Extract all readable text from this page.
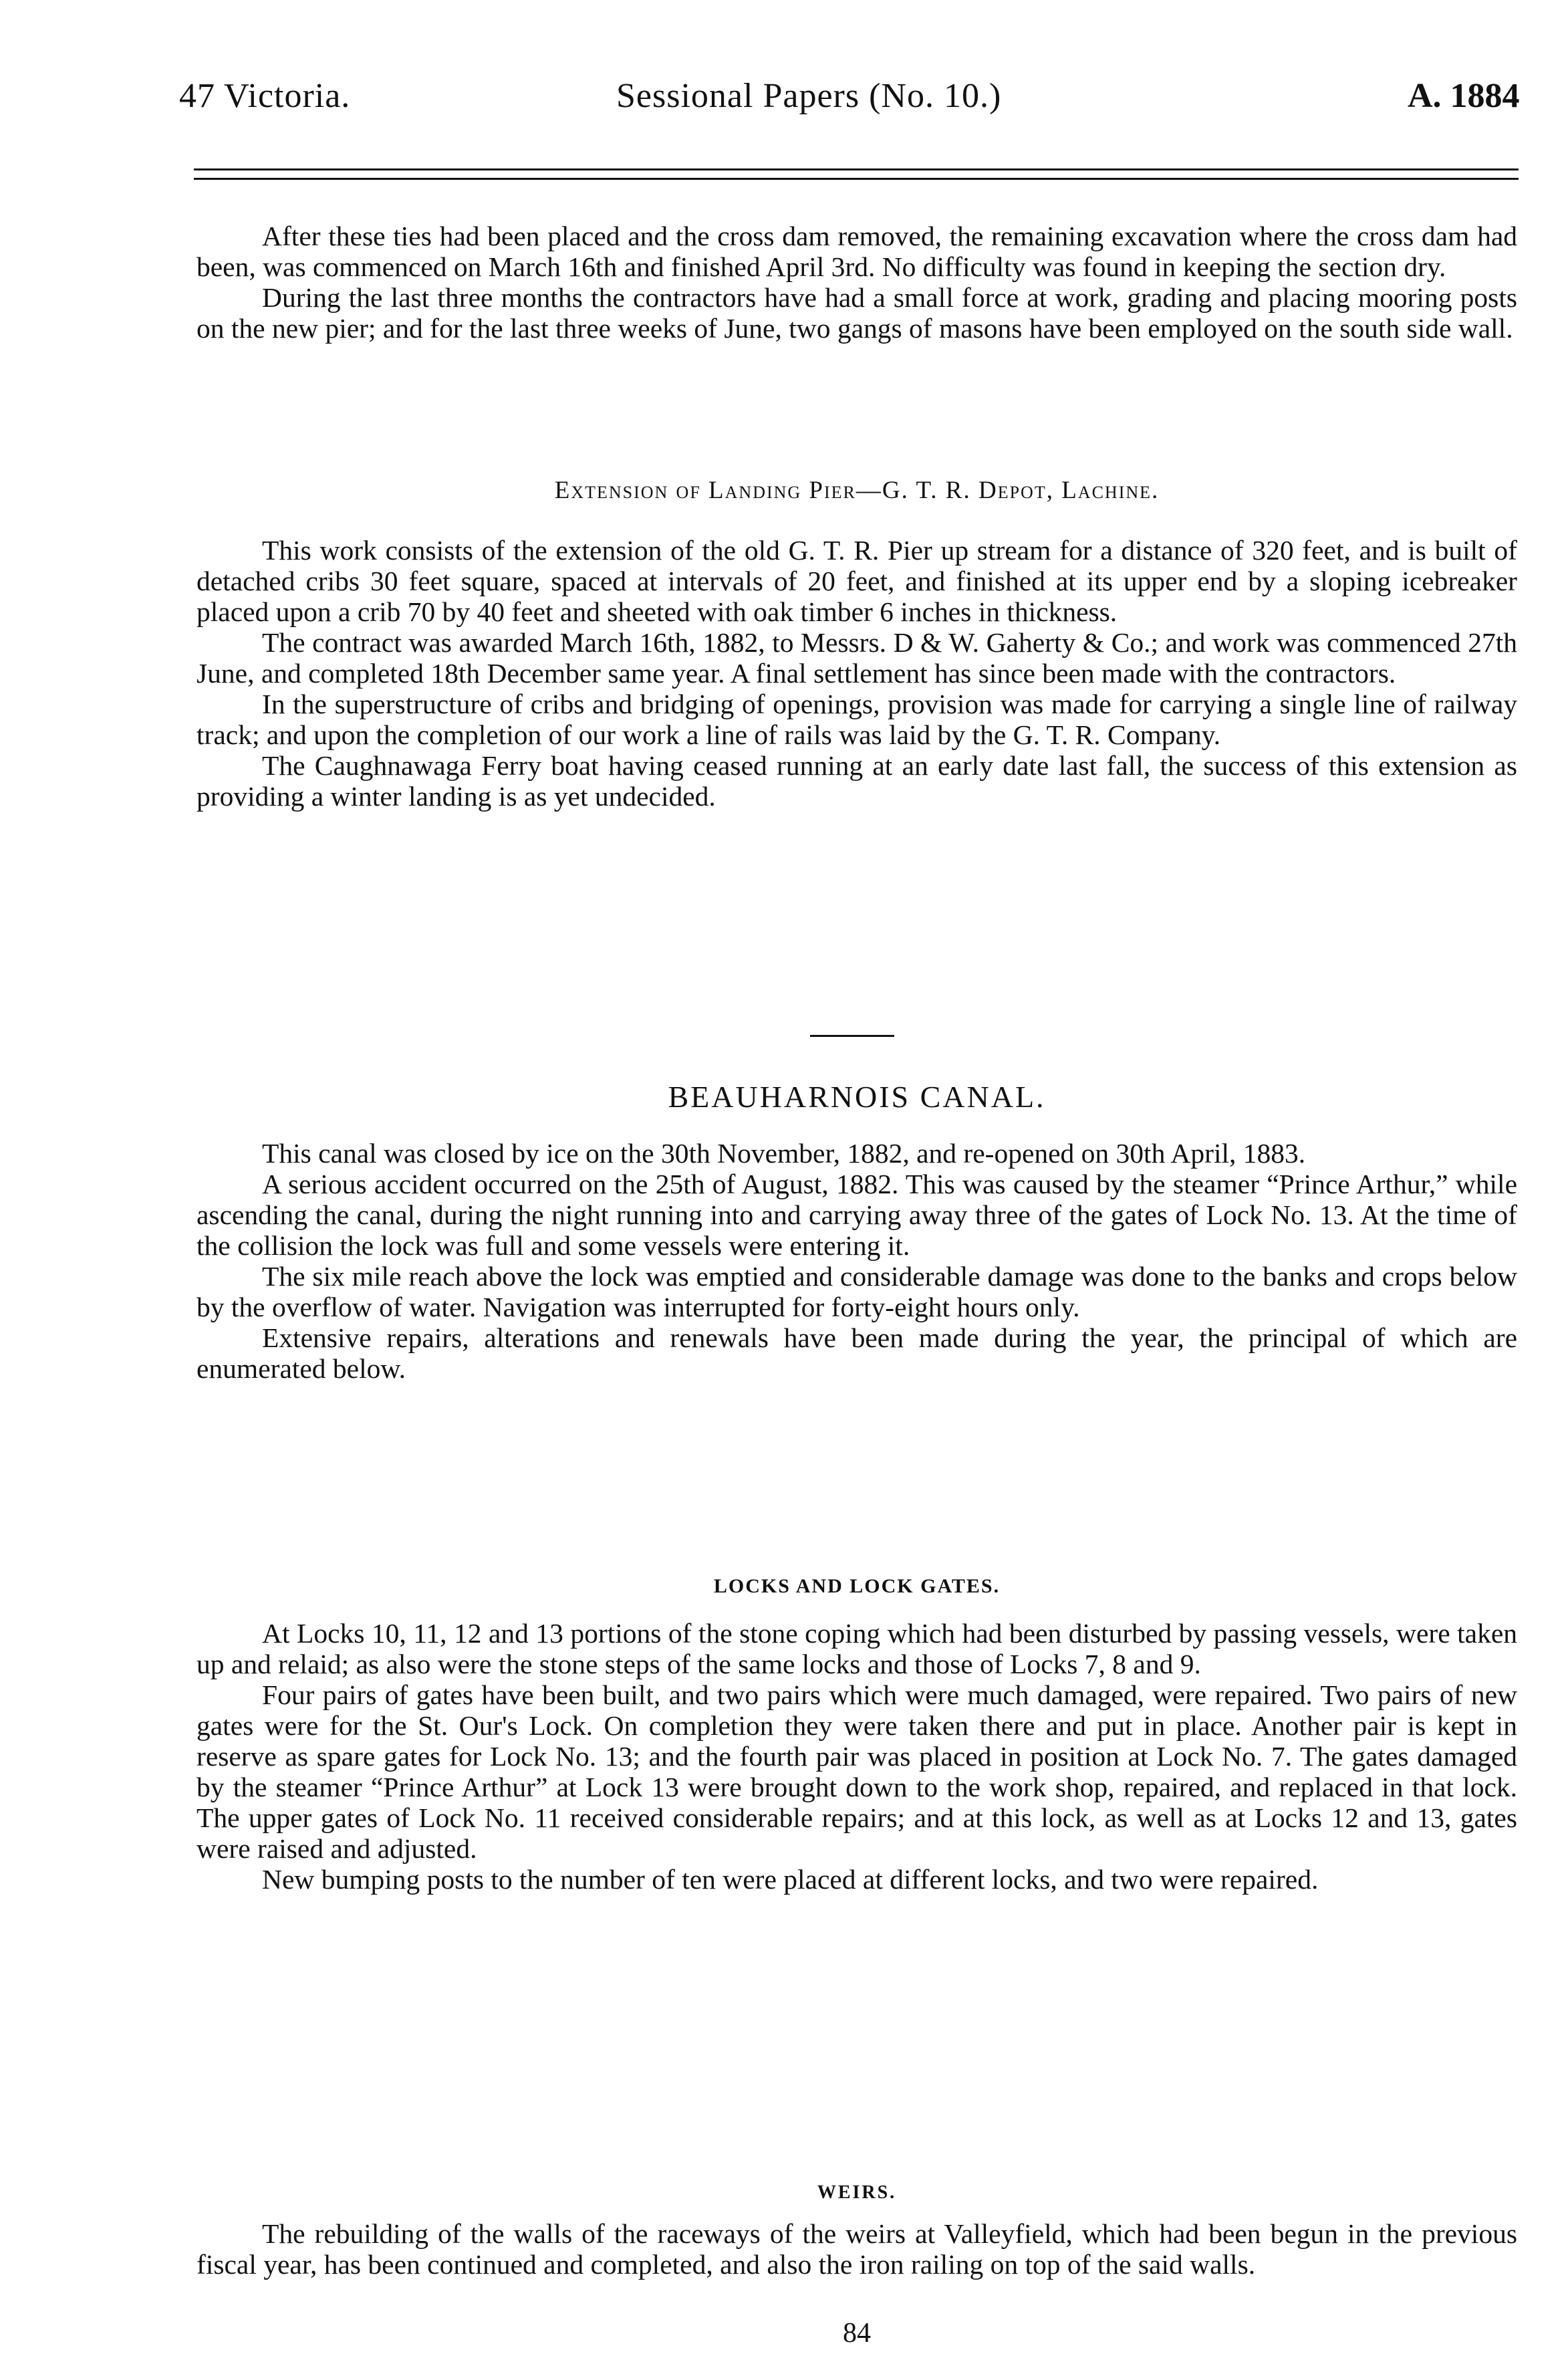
47 Victoria.	Sessional Papers (No. 10.)	A. 1884

After these ties had been placed and the cross dam removed, the remaining excavation where the cross dam had been, was commenced on March 16th and finished April 3rd. No difficulty was found in keeping the section dry.

During the last three months the contractors have had a small force at work, grading and placing mooring posts on the new pier; and for the last three weeks of June, two gangs of masons have been employed on the south side wall.

Extension of Landing Pier—G. T. R. Depot, Lachine.

This work consists of the extension of the old G. T. R. Pier up stream for a distance of 320 feet, and is built of detached cribs 30 feet square, spaced at intervals of 20 feet, and finished at its upper end by a sloping icebreaker placed upon a crib 70 by 40 feet and sheeted with oak timber 6 inches in thickness.

The contract was awarded March 16th, 1882, to Messrs. D & W. Gaherty & Co.; and work was commenced 27th June, and completed 18th December same year. A final settlement has since been made with the contractors.

In the superstructure of cribs and bridging of openings, provision was made for carrying a single line of railway track; and upon the completion of our work a line of rails was laid by the G. T. R. Company.

The Caughnawaga Ferry boat having ceased running at an early date last fall, the success of this extension as providing a winter landing is as yet undecided.

BEAUHARNOIS CANAL.

This canal was closed by ice on the 30th November, 1882, and re-opened on 30th April, 1883.

A serious accident occurred on the 25th of August, 1882. This was caused by the steamer “Prince Arthur,” while ascending the canal, during the night running into and carrying away three of the gates of Lock No. 13. At the time of the collision the lock was full and some vessels were entering it.

The six mile reach above the lock was emptied and considerable damage was done to the banks and crops below by the overflow of water. Navigation was interrupted for forty-eight hours only.

Extensive repairs, alterations and renewals have been made during the year, the principal of which are enumerated below.

LOCKS AND LOCK GATES.

At Locks 10, 11, 12 and 13 portions of the stone coping which had been disturbed by passing vessels, were taken up and relaid; as also were the stone steps of the same locks and those of Locks 7, 8 and 9.

Four pairs of gates have been built, and two pairs which were much damaged, were repaired. Two pairs of new gates were for the St. Our's Lock. On completion they were taken there and put in place. Another pair is kept in reserve as spare gates for Lock No. 13; and the fourth pair was placed in position at Lock No. 7. The gates damaged by the steamer “Prince Arthur” at Lock 13 were brought down to the work shop, repaired, and replaced in that lock. The upper gates of Lock No. 11 received considerable repairs; and at this lock, as well as at Locks 12 and 13, gates were raised and adjusted.

New bumping posts to the number of ten were placed at different locks, and two were repaired.

WEIRS.

The rebuilding of the walls of the raceways of the weirs at Valleyfield, which had been begun in the previous fiscal year, has been continued and completed, and also the iron railing on top of the said walls.

84
